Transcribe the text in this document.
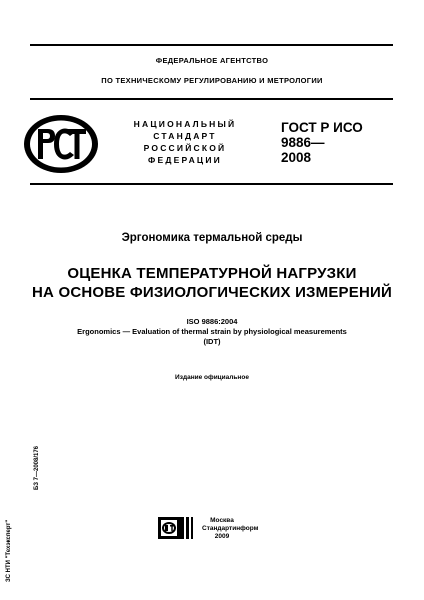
ФЕДЕРАЛЬНОЕ АГЕНТСТВО
ПО ТЕХНИЧЕСКОМУ РЕГУЛИРОВАНИЮ И МЕТРОЛОГИИ
НАЦИОНАЛЬНЫЙ
СТАНДАРТ
РОССИЙСКОЙ
ФЕДЕРАЦИИ
ГОСТ Р ИСО
9886—
2008
Эргономика термальной среды
ОЦЕНКА ТЕМПЕРАТУРНОЙ НАГРУЗКИ
НА ОСНОВЕ ФИЗИОЛОГИЧЕСКИХ ИЗМЕРЕНИЙ
ISO 9886:2004
Ergonomics — Evaluation of thermal strain by physiological measurements
(IDT)
Издание официальное
БЗ 7—2008/176
Москва
Стандартинформ
2009
ЗС НТИ "Техэксперт"
